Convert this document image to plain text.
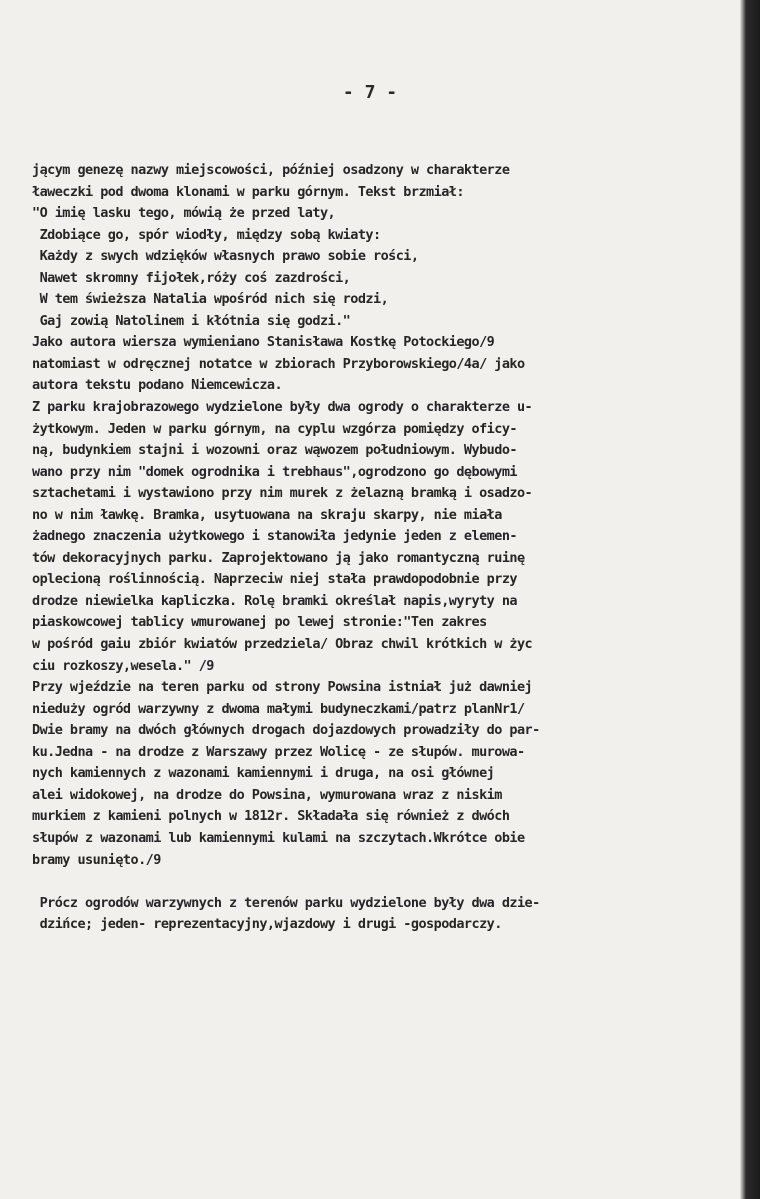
- 7 -
jącym genezę nazwy miejscowości, później osadzony w charakterze
ławeczki pod dwoma klonami w parku górnym. Tekst brzmiał:
"O imię lasku tego, mówią że przed laty,
Zdobiące go, spór wiodły, między sobą kwiaty:
Każdy z swych wdzięków własnych prawo sobie rości,
Nawet skromny fijołek,róży coś zazdrości,
W tem świeższa Natalia wpośród nich się rodzi,
Gaj zowią Natolinem i kłótnia się godzi."
Jako autora wiersza wymieniano Stanisława Kostkę Potockiego/9
natomiast w odręcznej notatce w zbiorach Przyborowskiego/4a/ jako
autora tekstu podano Niemcewicza.
Z parku krajobrazowego wydzielone były dwa ogrody o charakterze u-
żytkowym. Jeden w parku górnym, na cyplu wzgórza pomiędzy oficy-
ną, budynkiem stajni i wozowni oraz wąwozem południowym. Wybudo-
wano przy nim "domek ogrodnika i trebhaus",ogrodzono go dębowymi
sztachetami i wystawiono przy nim murek z żelazną bramką i osadzo-
no w nim ławkę. Bramka, usytuowana na skraju skarpy, nie miała
żadnego znaczenia użytkowego i stanowiła jedynie jeden z elemen-
tów dekoracyjnych parku. Zaprojektowano ją jako romantyczną ruinę
oplecioną roślinnością. Naprzeciw niej stała prawdopodobnie przy
drodze niewielka kapliczka. Rolę bramki określał napis,wyryty na
piaskowcowej tablicy wmurowanej po lewej stronie:"Ten zakres
w pośród gaiu zbiór kwiatów przedziela/ Obraz chwil krótkich w życ
ciu rozkoszy,wesela." /9
Przy wjeździe na teren parku od strony Powsina istniał już dawniej
nieduży ogród warzywny z dwoma małymi budyneczkami/patrz planNr1/
Dwie bramy na dwóch głównych drogach dojazdowych prowadziły do par-
ku.Jedna - na drodze z Warszawy przez Wolicę - ze słupów. murowa-
nych kamiennych z wazonami kamiennymi i druga, na osi głównej
alei widokowej, na drodze do Powsina, wymurowana wraz z niskim
murkiem z kamieni polnych w 1812r. Składała się również z dwóch
słupów z wazonami lub kamiennymi kulami na szczytach.Wkrótce obie
bramy usunięto./9
Prócz ogrodów warzywnych z terenów parku wydzielone były dwa dzie-
dzińce; jeden- reprezentacyjny,wjazdowy i drugi -gospodarczy.
